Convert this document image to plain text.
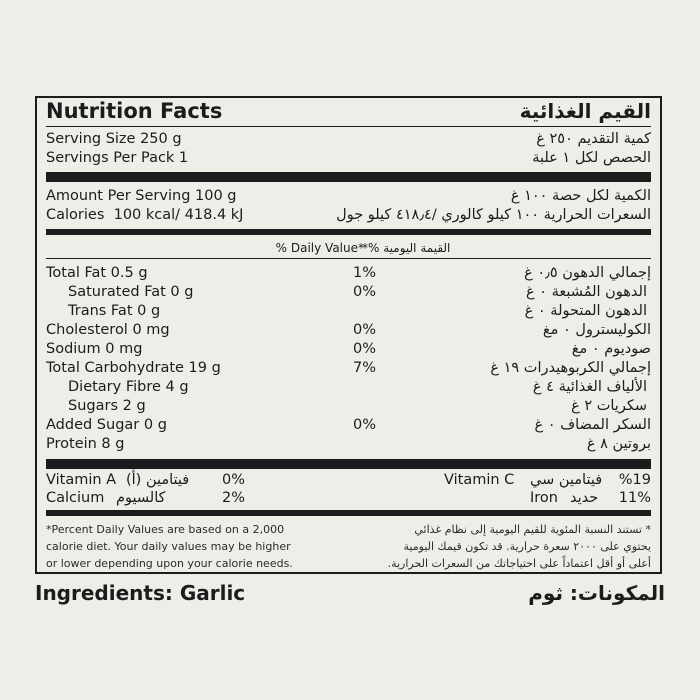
Nutrition Facts	القيم الغذائية
Serving Size 250 g	كمية التقديم ٢٥٠ غ
Servings Per Pack 1	الحصص لكل ١ علبة
Amount Per Serving 100 g	الكمية لكل حصة ١٠٠ غ
Calories  100 kcal/ 418.4 kJ	السعرات الحرارية ١٠٠ كيلو كالوري /٤١٨٫٤ كيلو جول
% Daily Value*
القيمة اليومية %*
Total Fat 0.5 g	1%	إجمالي الدهون ٠٫٥ غ
Saturated Fat 0 g	0%	الدهون المُشبعة ٠ غ
Trans Fat 0 g	الدهون المتحولة ٠ غ
Cholesterol 0 mg	0%	الكوليسترول ٠ مغ
Sodium 0 mg	0%	صوديوم ٠ مغ
Total Carbohydrate 19 g	7%	إجمالي الكربوهيدرات ١٩ غ
Dietary Fibre 4 g	الألياف الغذائية ٤ غ
Sugars 2 g	سكريات ٢ غ
Added Sugar 0 g	0%	السكر المضاف ٠ غ
Protein 8 g	بروتين ٨ غ
Vitamin A فيتامين (أ) 0%	Vitamin C فيتامين سي %19
Calcium كالسيوم	2%	Iron حديد 11%
*Percent Daily Values are based on a 2,000
calorie diet. Your daily values may be higher
or lower depending upon your calorie needs.
* تستند النسبة المئوية للقيم اليومية إلى نظام غذائي
يحتوي على ٢٠٠٠ سعرة حرارية. قد تكون قيمك اليومية
أعلى أو أقل اعتماداً على احتياجاتك من السعرات الحرارية.
Ingredients: Garlic	المكونات: ثوم
